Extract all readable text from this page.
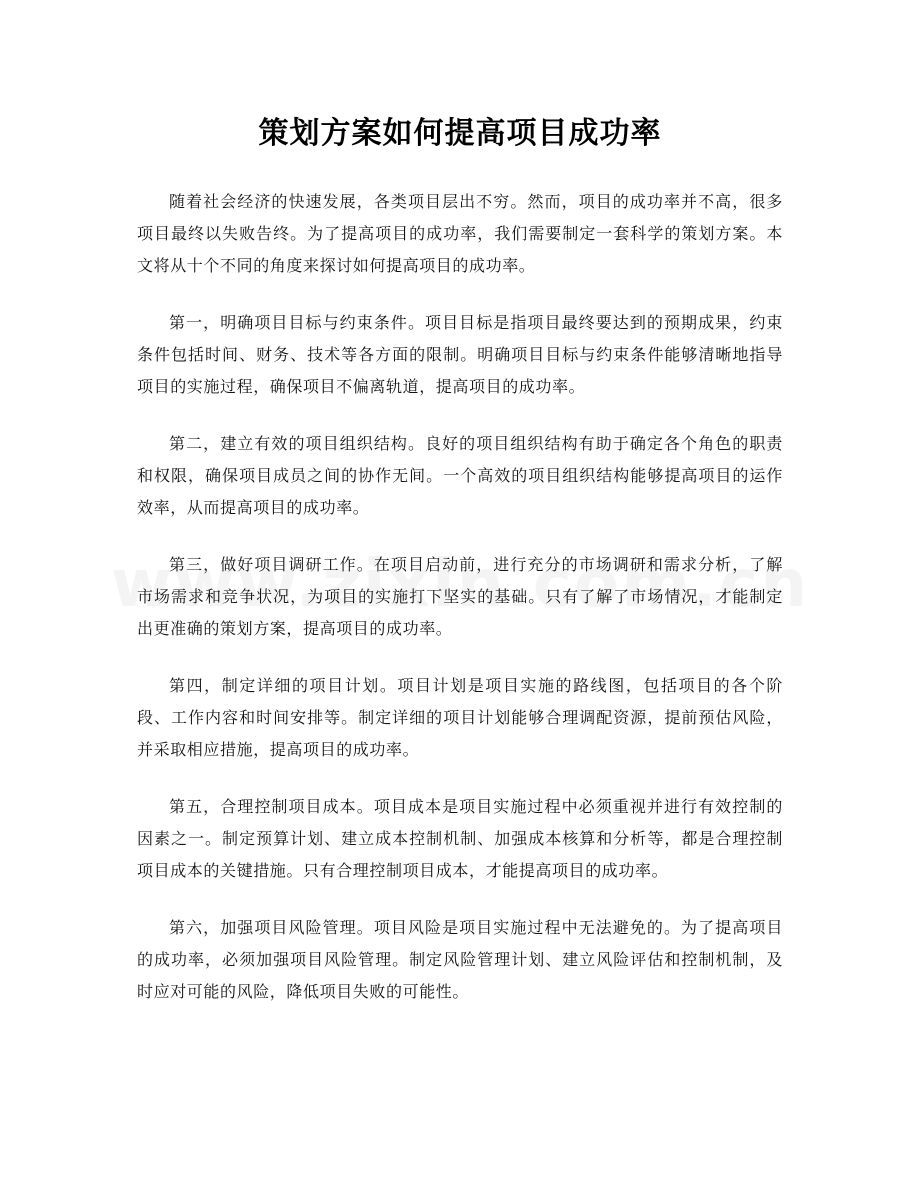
策划方案如何提高项目成功率

随着社会经济的快速发展，各类项目层出不穷。然而，项目的成功率并不高，很多项目最终以失败告终。为了提高项目的成功率，我们需要制定一套科学的策划方案。本文将从十个不同的角度来探讨如何提高项目的成功率。

第一，明确项目目标与约束条件。项目目标是指项目最终要达到的预期成果，约束条件包括时间、财务、技术等各方面的限制。明确项目目标与约束条件能够清晰地指导项目的实施过程，确保项目不偏离轨道，提高项目的成功率。

第二，建立有效的项目组织结构。良好的项目组织结构有助于确定各个角色的职责和权限，确保项目成员之间的协作无间。一个高效的项目组织结构能够提高项目的运作效率，从而提高项目的成功率。

第三，做好项目调研工作。在项目启动前，进行充分的市场调研和需求分析，了解市场需求和竞争状况，为项目的实施打下坚实的基础。只有了解了市场情况，才能制定出更准确的策划方案，提高项目的成功率。

第四，制定详细的项目计划。项目计划是项目实施的路线图，包括项目的各个阶段、工作内容和时间安排等。制定详细的项目计划能够合理调配资源，提前预估风险，并采取相应措施，提高项目的成功率。

第五，合理控制项目成本。项目成本是项目实施过程中必须重视并进行有效控制的因素之一。制定预算计划、建立成本控制机制、加强成本核算和分析等，都是合理控制项目成本的关键措施。只有合理控制项目成本，才能提高项目的成功率。

第六，加强项目风险管理。项目风险是项目实施过程中无法避免的。为了提高项目的成功率，必须加强项目风险管理。制定风险管理计划、建立风险评估和控制机制，及时应对可能的风险，降低项目失败的可能性。
